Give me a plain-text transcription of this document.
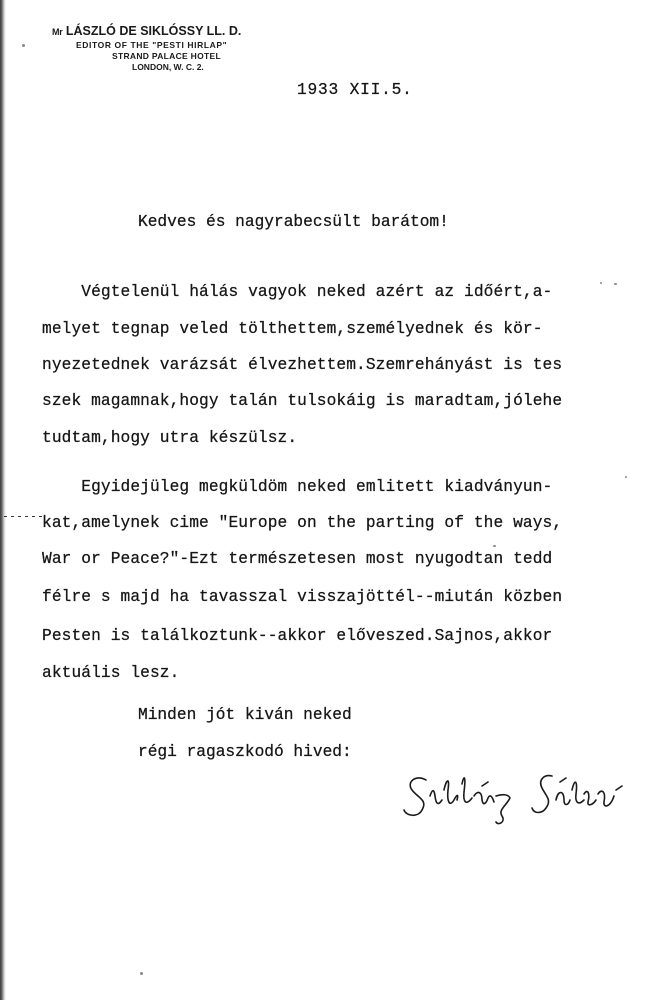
Mr LÁSZLÓ DE SIKLÓSSY LL. D.
EDITOR OF THE "PESTI HIRLAP"
STRAND PALACE HOTEL
LONDON, W. C. 2.
1933 XII.5.
Kedves és nagyrabecsült barátom!
Végtelenül hálás vagyok neked azért az időért,a-
melyet tegnap veled tölthettem,személyednek és kör-
nyezetednek varázsát élvezhettem.Szemrehányást is tes
szek magamnak,hogy talán tulsokáig is maradtam,jólehe
tudtam,hogy utra készülsz.
Egyidejüleg megküldöm neked emlitett kiadványun-
kat,amelynek cime "Europe on the parting of the ways,
War or Peace?"-Ezt természetesen most nyugodtan tedd
félre s majd ha tavasszal visszajöttél--miután közben
Pesten is találkoztunk--akkor előveszed.Sajnos,akkor
aktuális lesz.
Minden jót kiván neked
régi ragaszkodó hived:
